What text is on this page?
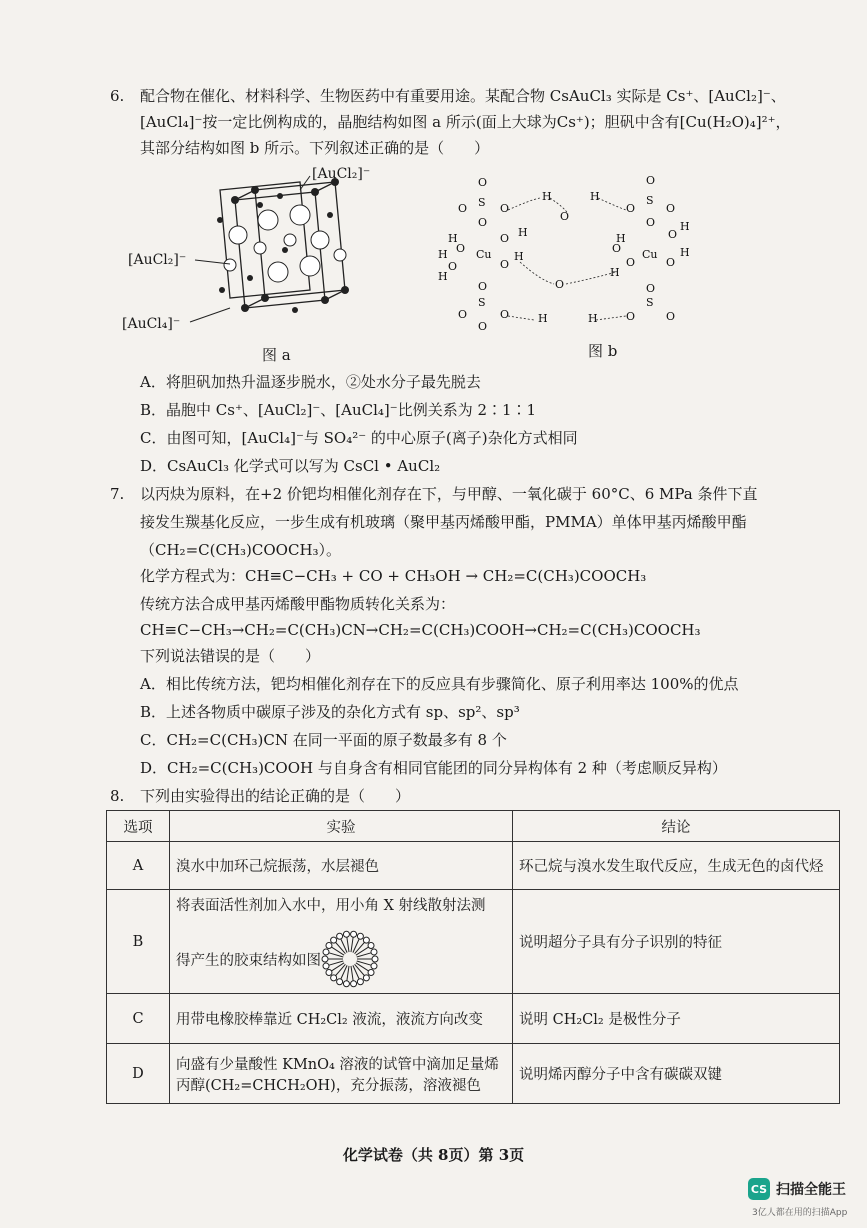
6. 配合物在催化、材料科学、生物医药中有重要用途。某配合物 CsAuCl₃ 实际是 Cs⁺、[AuCl₂]⁻、
[AuCl₄]⁻按一定比例构成的，晶胞结构如图 a 所示(面上大球为Cs⁺)；胆矾中含有[Cu(H₂O)₄]²⁺，
其部分结构如图 b 所示。下列叙述正确的是（　　）
[AuCl₂]⁻
[AuCl₂]⁻
[AuCl₄]⁻
图 a
O
S
O	O
O
Cu
H
H O
O
H
O H
H
O
O
S
O	O
O
H
O
H
O
H	H
O
S
O	O
O
Cu
H
O
O
H
O
H
H
O
O
S
O	O
图 b
A．将胆矾加热升温逐步脱水，②处水分子最先脱去
B．晶胞中 Cs⁺、[AuCl₂]⁻、[AuCl₄]⁻比例关系为 2∶1∶1
C．由图可知，[AuCl₄]⁻与 SO₄²⁻ 的中心原子(离子)杂化方式相同
D．CsAuCl₃ 化学式可以写为 CsCl • AuCl₂
7. 以丙炔为原料，在+2 价钯均相催化剂存在下，与甲醇、一氧化碳于 60°C、6 MPa 条件下直
接发生羰基化反应，一步生成有机玻璃（聚甲基丙烯酸甲酯，PMMA）单体甲基丙烯酸甲酯
（CH₂=C(CH₃)COOCH₃）。
化学方程式为：CH≡C−CH₃ + CO + CH₃OH → CH₂=C(CH₃)COOCH₃
传统方法合成甲基丙烯酸甲酯物质转化关系为：
CH≡C−CH₃→CH₂=C(CH₃)CN→CH₂=C(CH₃)COOH→CH₂=C(CH₃)COOCH₃
下列说法错误的是（　　）
A．相比传统方法，钯均相催化剂存在下的反应具有步骤简化、原子利用率达 100%的优点
B．上述各物质中碳原子涉及的杂化方式有 sp、sp²、sp³
C．CH₂=C(CH₃)CN 在同一平面的原子数最多有 8 个
D．CH₂=C(CH₃)COOH 与自身含有相同官能团的同分异构体有 2 种（考虑顺反异构）
8. 下列由实验得出的结论正确的是（　　）
选项	实验	结论
A	溴水中加环己烷振荡，水层褪色	环己烷与溴水发生取代反应，生成无色的卤代烃
B	将表面活性剂加入水中，用小角 X 射线散射法测
得产生的胶束结构如图	说明超分子具有分子识别的特征
C	用带电橡胶棒靠近 CH₂Cl₂ 液流，液流方向改变	说明 CH₂Cl₂ 是极性分子
D	向盛有少量酸性 KMnO₄ 溶液的试管中滴加足量烯丙醇(CH₂=CHCH₂OH)，充分振荡，溶液褪色	说明烯丙醇分子中含有碳碳双键
化学试卷（共 8页）第 3页
CS 扫描全能王
3亿人都在用的扫描App
